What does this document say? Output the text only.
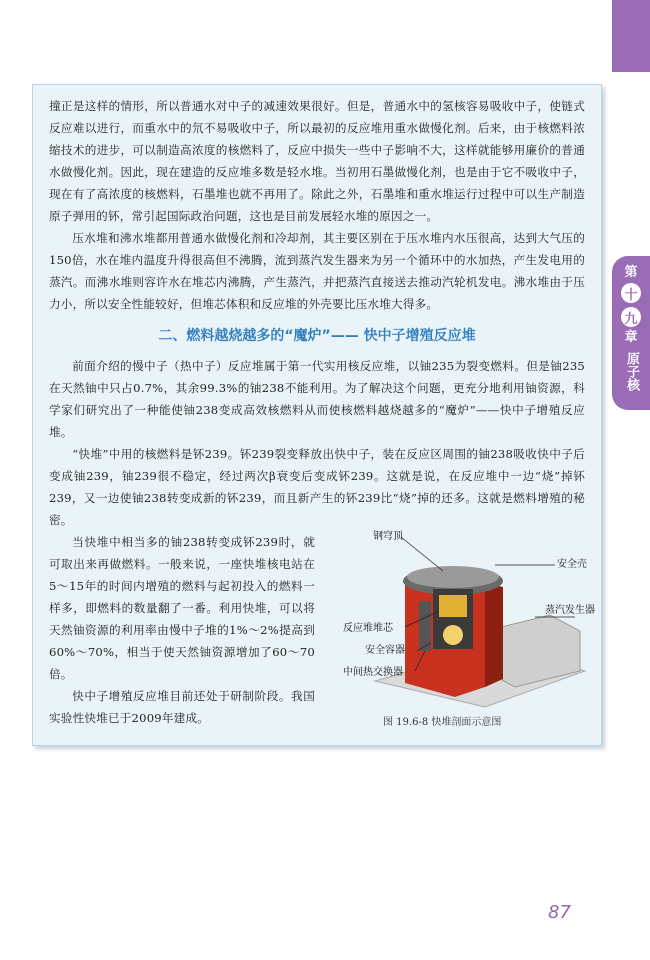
第
十
九
章
原子核

撞正是这样的情形，所以普通水对中子的减速效果很好。但是，普通水中的氢核容易吸收中子，使链式反应难以进行，而重水中的氘不易吸收中子，所以最初的反应堆用重水做慢化剂。后来，由于核燃料浓缩技术的进步，可以制造高浓度的核燃料了，反应中损失一些中子影响不大，这样就能够用廉价的普通水做慢化剂。因此，现在建造的反应堆多数是轻水堆。当初用石墨做慢化剂，也是由于它不吸收中子，现在有了高浓度的核燃料，石墨堆也就不再用了。除此之外，石墨堆和重水堆运行过程中可以生产制造原子弹用的钚，常引起国际政治问题，这也是目前发展轻水堆的原因之一。

压水堆和沸水堆都用普通水做慢化剂和冷却剂，其主要区别在于压水堆内水压很高，达到大气压的150倍，水在堆内温度升得很高但不沸腾，流到蒸汽发生器来为另一个循环中的水加热，产生发电用的蒸汽。而沸水堆则容许水在堆芯内沸腾，产生蒸汽，并把蒸汽直接送去推动汽轮机发电。沸水堆由于压力小，所以安全性能较好，但堆芯体积和反应堆的外壳要比压水堆大得多。

二、燃料越烧越多的“魔炉”—— 快中子增殖反应堆

前面介绍的慢中子（热中子）反应堆属于第一代实用核反应堆，以铀235为裂变燃料。但是铀235在天然铀中只占0.7%，其余99.3%的铀238不能利用。为了解决这个问题，更充分地利用铀资源，科学家们研究出了一种能使铀238变成高效核燃料从而使核燃料越烧越多的“魔炉”——快中子增殖反应堆。

“快堆”中用的核燃料是钚239。钚239裂变释放出快中子，装在反应区周围的铀238吸收快中子后变成铀239，铀239很不稳定，经过两次β衰变后变成钚239。这就是说，在反应堆中一边“烧”掉钚239，又一边使铀238转变成新的钚239，而且新产生的钚239比“烧”掉的还多。这就是燃料增殖的秘密。

当快堆中相当多的铀238转变成钚239时，就可取出来再做燃料。一般来说，一座快堆核电站在5～15年的时间内增殖的燃料与起初投入的燃料一样多，即燃料的数量翻了一番。利用快堆，可以将天然铀资源的利用率由慢中子堆的1%～2%提高到60%～70%，相当于使天然铀资源增加了60～70倍。

快中子增殖反应堆目前还处于研制阶段。我国实验性快堆已于2009年建成。

钢穹顶
安全壳
蒸汽发生器
反应堆堆芯
安全容器
中间热交换器
图 19.6-8 快堆剖面示意图
87
